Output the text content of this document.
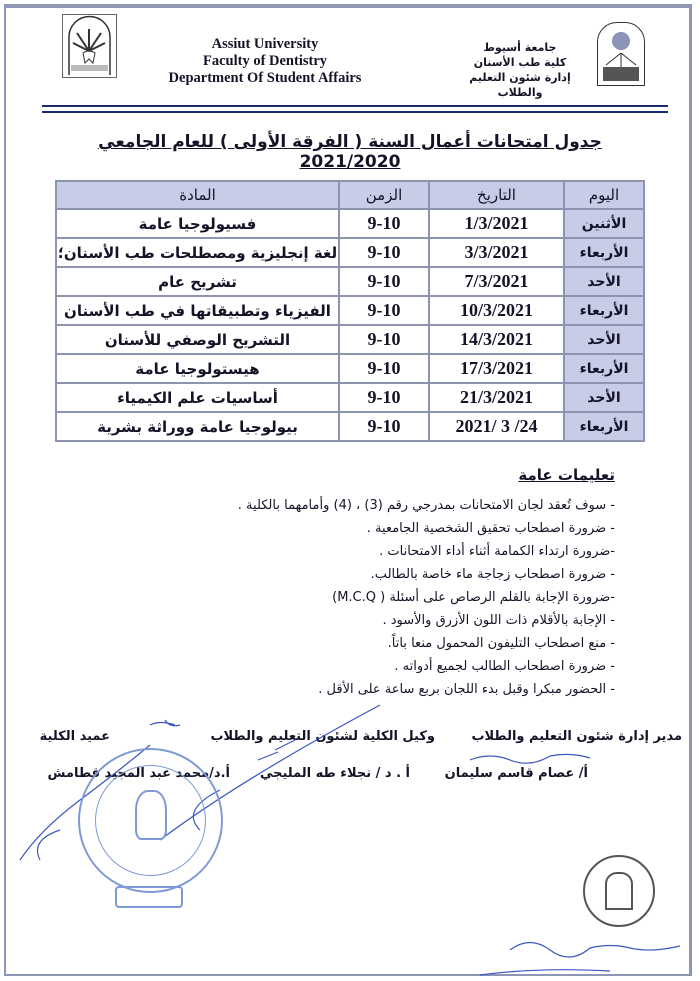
Assiut University
Faculty of Dentistry
Department Of Student Affairs
جامعة أسيوط
كلية طب الأسنان
إدارة شئون التعليم والطلاب
جدول امتحانات أعمال السنة ( الفرقة الأولى ) للعام الجامعي 2021/2020
اليوم	التاريخ	الزمن	المادة
الأثنين	1/3/2021	9-10	فسيولوجيا عامة
الأربعاء	3/3/2021	9-10	لغة إنجليزية ومصطلحات طب الأسنان؛
الأحد	7/3/2021	9-10	تشريح عام
الأربعاء	10/3/2021	9-10	الفيزياء وتطبيقاتها في طب الأسنان
الأحد	14/3/2021	9-10	التشريح الوصفي للأسنان
الأربعاء	17/3/2021	9-10	هيستولوجيا عامة
الأحد	21/3/2021	9-10	أساسيات علم الكيمياء
الأربعاء	24/ 3 /2021	9-10	بيولوجيا عامة ووراثة بشرية
تعليمات عامة
- سوف تُعقد لجان الامتحانات بمدرجي رقم (3) ، (4) وأمامهما بالكلية .
- ضرورة اصطحاب تحقيق الشخصية الجامعية .
-ضرورة ارتداء الكمامة أثناء أداء الامتحانات .
- ضرورة اصطحاب زجاجة ماء خاصة بالطالب.
-ضرورة الإجابة بالقلم الرصاص على أسئلة ( M.C.Q)
- الإجابة بالأقلام ذات اللون الأزرق والأسود .
- منع اصطحاب التليفون المحمول منعا باتاً.
- ضرورة اصطحاب الطالب لجميع أدواته .
- الحضور مبكرا وقبل بدء اللجان بربع ساعة على الأقل .
مدير إدارة شئون التعليم والطلاب
أ/ عصام قاسم سليمان
وكيل الكلية لشئون التعليم والطلاب
أ . د / نجلاء طه المليجي
عميد الكلية
أ.د/محمد عبد المجيد قطامش
